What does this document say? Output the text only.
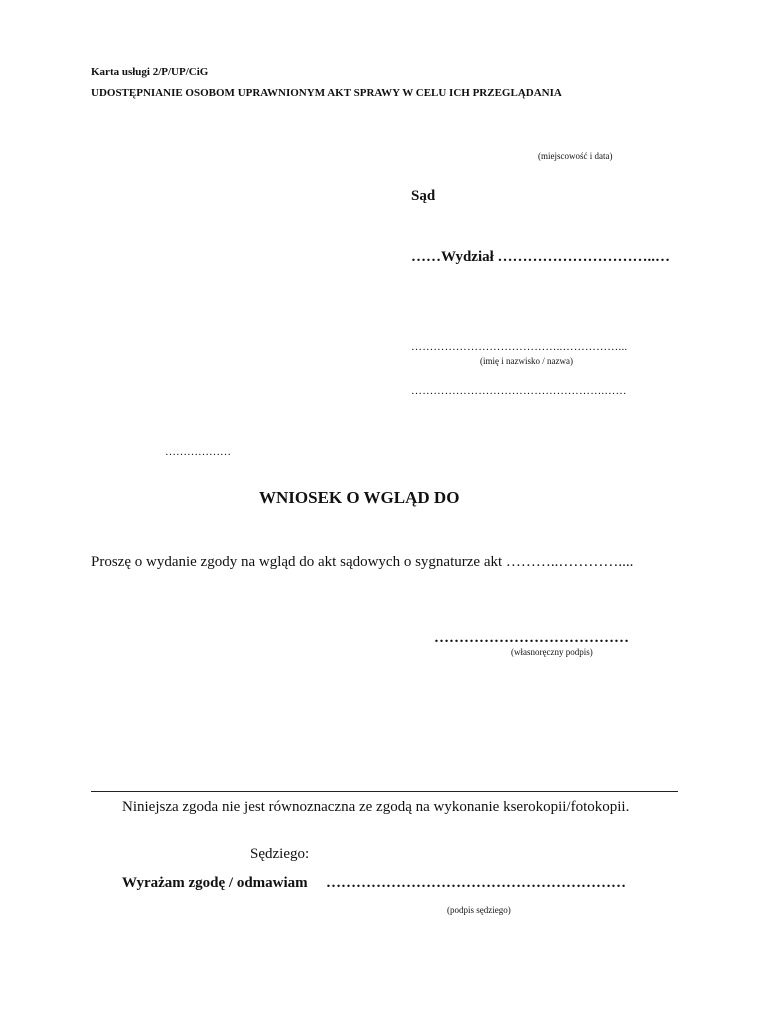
Karta usługi 2/P/UP/CiG
UDOSTĘPNIANIE OSOBOM UPRAWNIONYM AKT SPRAWY W CELU ICH PRZEGLĄDANIA
(miejscowość i data)
Sąd
……Wydział …………………………..…
…………………………………..……………...
(imię i nazwisko / nazwa)
…………………………………………….……
………………
WNIOSEK O WGLĄD DO
Proszę o wydanie zgody na wgląd do akt sądowych o sygnaturze akt ………..…………....
…………………………………
(własnoręczny podpis)
Niniejsza zgoda nie jest równoznaczna ze zgodą na wykonanie kserokopii/fotokopii.
Sędziego:
Wyrażam zgodę / odmawiam ……………………………………………………
(podpis sędziego)
